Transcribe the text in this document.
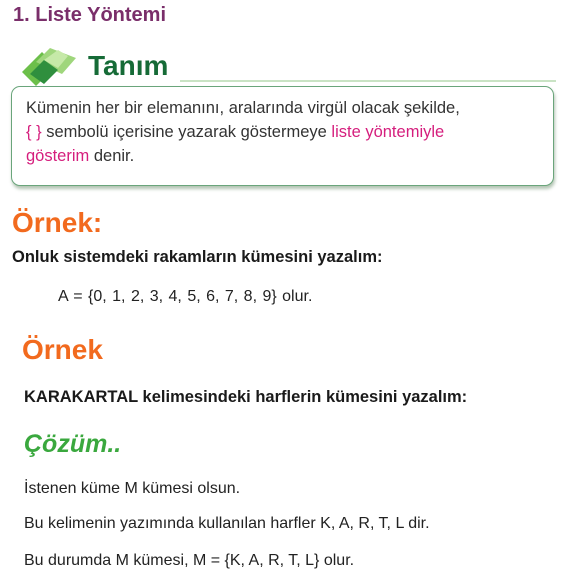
1. Liste Yöntemi
Tanım
Kümenin her bir elemanını, aralarında virgül olacak şekilde,
{ } sembolü içerisine yazarak göstermeye liste yöntemiyle
gösterim denir.
Örnek:
Onluk sistemdeki rakamların kümesini yazalım:
A = {0, 1, 2, 3, 4, 5, 6, 7, 8, 9} olur.
Örnek
KARAKARTAL kelimesindeki harflerin kümesini yazalım:
Çözüm..
İstenen küme M kümesi olsun.
Bu kelimenin yazımında kullanılan harfler K, A, R, T, L dir.
Bu durumda M kümesi, M = {K, A, R, T, L} olur.
